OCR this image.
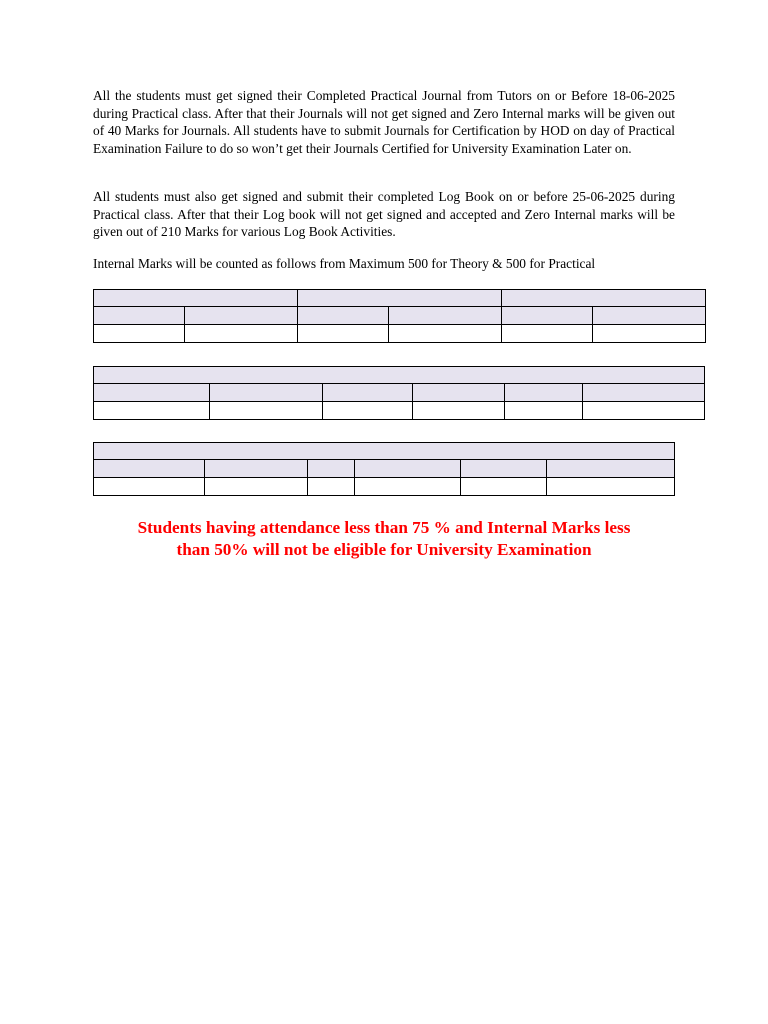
All the students must get signed their Completed Practical Journal from Tutors on or Before 18-06-2025 during Practical class. After that their Journals will not get signed and Zero Internal marks will be given out of 40 Marks for Journals. All students have to submit Journals for Certification by HOD on day of Practical Examination Failure to do so won’t get their Journals Certified for University Examination Later on.

All students must also get signed and submit their completed Log Book on or before 25-06-2025 during Practical class. After that their Log book will not get signed and accepted and Zero Internal marks will be given out of 210 Marks for various Log Book Activities.

Internal Marks will be counted as follows from Maximum 500 for Theory & 500 for Practical

Students having attendance less than 75 % and Internal Marks less
than 50% will not be eligible for University Examination
